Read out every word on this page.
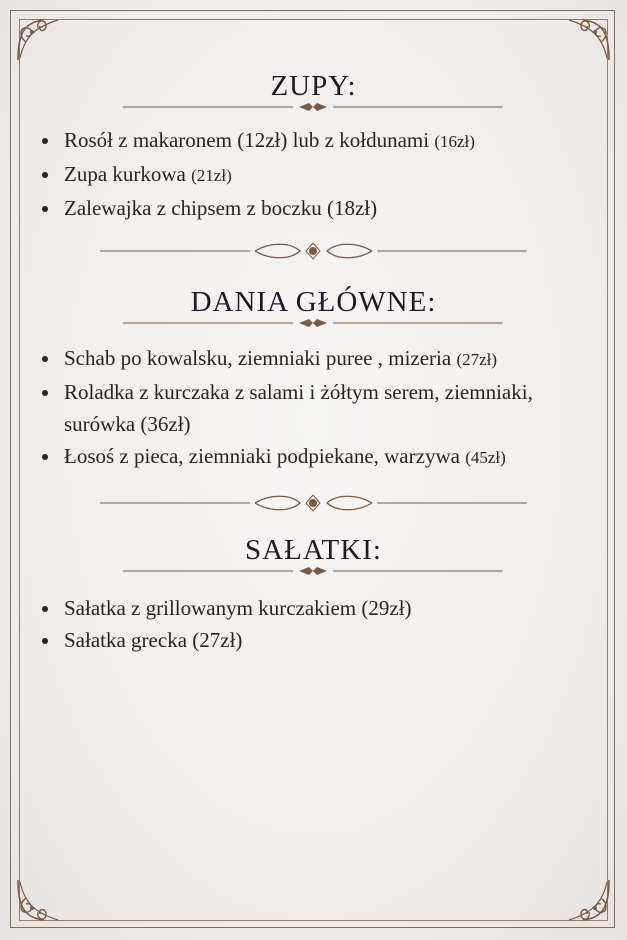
ZUPY:
Rosół z makaronem (12zł) lub z kołdunami (16zł)
Zupa kurkowa (21zł)
Zalewajka z chipsem z boczku (18zł)
DANIA GŁÓWNE:
Schab po kowalsku, ziemniaki puree , mizeria (27zł)
Roladka z kurczaka z salami i żółtym serem, ziemniaki, surówka (36zł)
Łosoś z pieca, ziemniaki podpiekane, warzywa (45zł)
SAŁATKI:
Sałatka z grillowanym kurczakiem (29zł)
Sałatka grecka (27zł)
